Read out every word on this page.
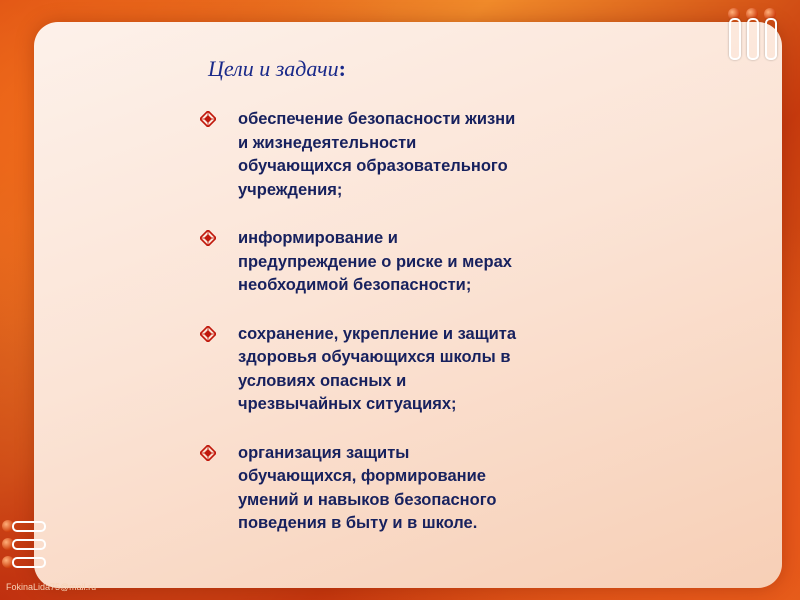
Цели и задачи:
обеспечение безопасности жизни
и жизнедеятельности
обучающихся образовательного
учреждения;
информирование и
предупреждение о риске и мерах
необходимой безопасности;
сохранение, укрепление и защита
здоровья обучающихся школы в
условиях опасных и
чрезвычайных ситуациях;
организация защиты
обучающихся, формирование
умений и навыков безопасного
поведения в быту и в школе.
FokinaLida75@mail.ru
